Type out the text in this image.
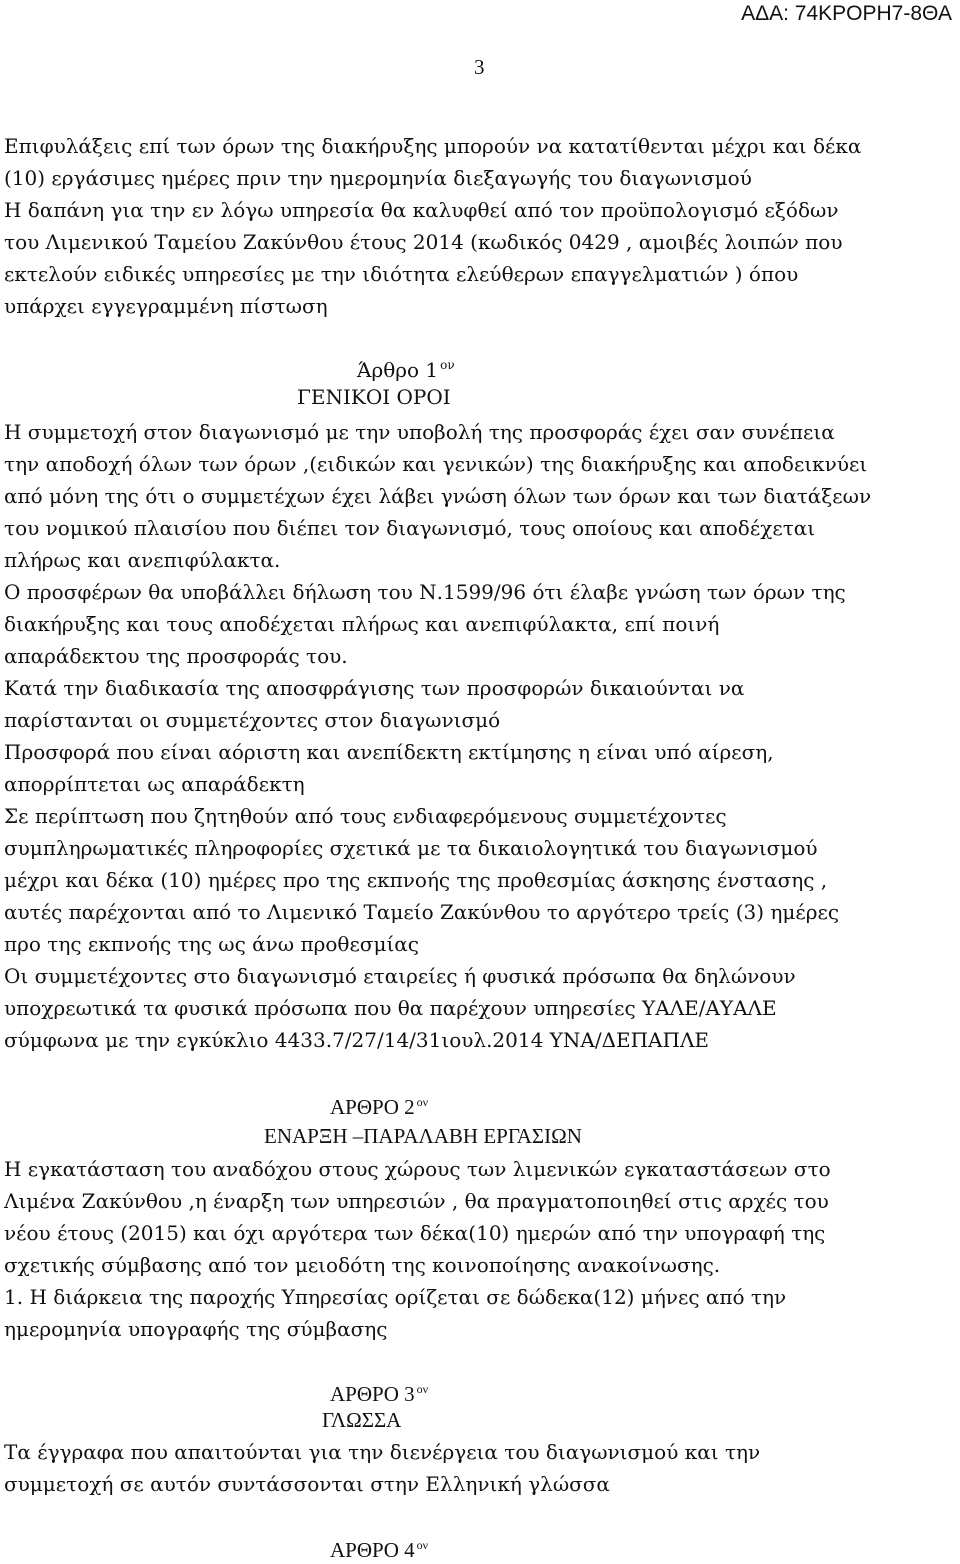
ΑΔΑ: 74ΚΡΟΡΗ7-8ΘΑ
3
Επιφυλάξεις επί των όρων της διακήρυξης μπορούν να κατατίθενται μέχρι και δέκα
(10) εργάσιμες ημέρες πριν την ημερομηνία διεξαγωγής του διαγωνισμού
Η δαπάνη για την εν λόγω υπηρεσία θα καλυφθεί από τον προϋπολογισμό εξόδων
του Λιμενικού Ταμείου Ζακύνθου έτους 2014 (κωδικός 0429 , αμοιβές λοιπών που
εκτελούν ειδικές υπηρεσίες με την ιδιότητα ελεύθερων επαγγελματιών ) όπου
υπάρχει εγγεγραμμένη πίστωση
Άρθρο 1 $^{o\nu}$
ΓΕΝΙΚΟΙ ΟΡΟΙ
Η συμμετοχή στον διαγωνισμό με την υποβολή της προσφοράς έχει σαν συνέπεια
την αποδοχή όλων των όρων ,(ειδικών και γενικών) της διακήρυξης και αποδεικνύει
από μόνη της ότι ο συμμετέχων έχει λάβει γνώση όλων των όρων και των διατάξεων
του νομικού πλαισίου που διέπει τον διαγωνισμό, τους οποίους και αποδέχεται
πλήρως και ανεπιφύλακτα.
Ο προσφέρων θα υποβάλλει δήλωση του Ν.1599/96 ότι έλαβε γνώση των όρων της
διακήρυξης και τους αποδέχεται πλήρως και ανεπιφύλακτα, επί ποινή
απαράδεκτου της προσφοράς του.
Κατά την διαδικασία της αποσφράγισης των προσφορών δικαιούνται να
παρίστανται οι συμμετέχοντες στον διαγωνισμό
Προσφορά που είναι αόριστη και ανεπίδεκτη εκτίμησης η είναι υπό αίρεση,
απορρίπτεται ως απαράδεκτη
Σε περίπτωση που ζητηθούν από τους ενδιαφερόμενους συμμετέχοντες
συμπληρωματικές πληροφορίες σχετικά με τα δικαιολογητικά του διαγωνισμού
μέχρι και δέκα (10) ημέρες προ της εκπνοής της προθεσμίας άσκησης ένστασης ,
αυτές παρέχονται από το Λιμενικό Ταμείο Ζακύνθου το αργότερο τρείς (3) ημέρες
προ της εκπνοής της ως άνω προθεσμίας
Οι συμμετέχοντες στο διαγωνισμό εταιρείες ή φυσικά πρόσωπα θα δηλώνουν
υποχρεωτικά τα φυσικά πρόσωπα που θα παρέχουν υπηρεσίες ΥΑΛΕ/ΑΥΑΛΕ
σύμφωνα με την εγκύκλιο 4433.7/27/14/31ιουλ.2014 ΥΝΑ/ΔΕΠΑΠΛΕ
ΑΡΘΡΟ 2 $^{o\nu}$
ΕΝΑΡΞΗ –ΠΑΡΑΛΑΒΗ ΕΡΓΑΣΙΩΝ
Η εγκατάσταση του αναδόχου στους χώρους των λιμενικών εγκαταστάσεων στο
Λιμένα Ζακύνθου ,η έναρξη των υπηρεσιών , θα πραγματοποιηθεί στις αρχές του
νέου έτους (2015) και όχι αργότερα των δέκα(10) ημερών από την υπογραφή της
σχετικής σύμβασης από τον μειοδότη της κοινοποίησης ανακοίνωσης.
1. Η διάρκεια της παροχής Υπηρεσίας ορίζεται σε δώδεκα(12) μήνες από την
ημερομηνία υπογραφής της σύμβασης
ΑΡΘΡΟ 3 $^{o\nu}$
ΓΛΩΣΣΑ
Τα έγγραφα που απαιτούνται για την διενέργεια του διαγωνισμού και την
συμμετοχή σε αυτόν συντάσσονται στην Ελληνική γλώσσα
ΑΡΘΡΟ 4 $^{o\nu}$
